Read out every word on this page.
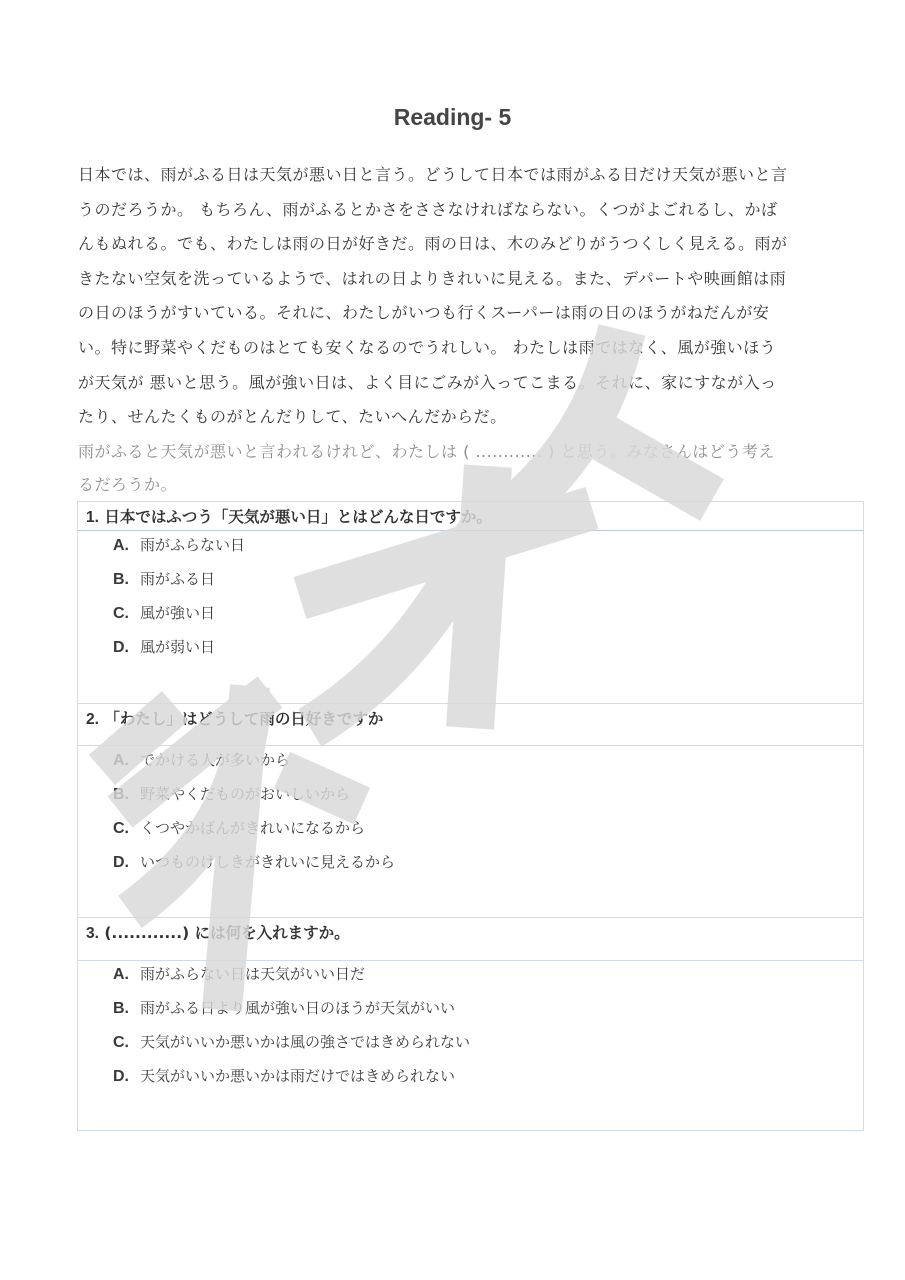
Reading- 5

日本では、雨がふる日は天気が悪い日と言う。どうして日本では雨がふる日だけ天気が悪いと言

うのだろうか。 もちろん、雨がふるとかさをささなければならない。くつがよごれるし、かば

んもぬれる。でも、わたしは雨の日が好きだ。雨の日は、木のみどりがうつくしく見える。雨が

きたない空気を洗っているようで、はれの日よりきれいに見える。また、デパートや映画館は雨

の日のほうがすいている。それに、わたしがいつも行くスーパーは雨の日のほうがねだんが安

い。特に野菜やくだものはとても安くなるのでうれしい。 わたしは雨ではなく、風が強いほう

が天気が 悪いと思う。風が強い日は、よく目にごみが入ってこまる。それに、家にすなが入っ

たり、せんたくものがとんだりして、たいへんだからだ。

雨がふると天気が悪いと言われるけれど、わたしは ( ............ ) と思う。みなさんはどう考え

るだろうか。

1. 日本ではふつう「天気が悪い日」とはどんな日ですか。
A. 雨がふらない日
B. 雨がふる日
C. 風が強い日
D. 風が弱い日
2. 「わたし」はどうして雨の日好きですか
A. でかける人が多いから
B. 野菜やくだものがおいしいから
C. くつやかばんがきれいになるから
D. いつものけしきがきれいに見えるから
3. (............) には何を入れますか。
A. 雨がふらない日は天気がいい日だ
B. 雨がふる日より風が強い日のほうが天気がいい
C. 天気がいいか悪いかは風の強さではきめられない
D. 天気がいいか悪いかは雨だけではきめられない
